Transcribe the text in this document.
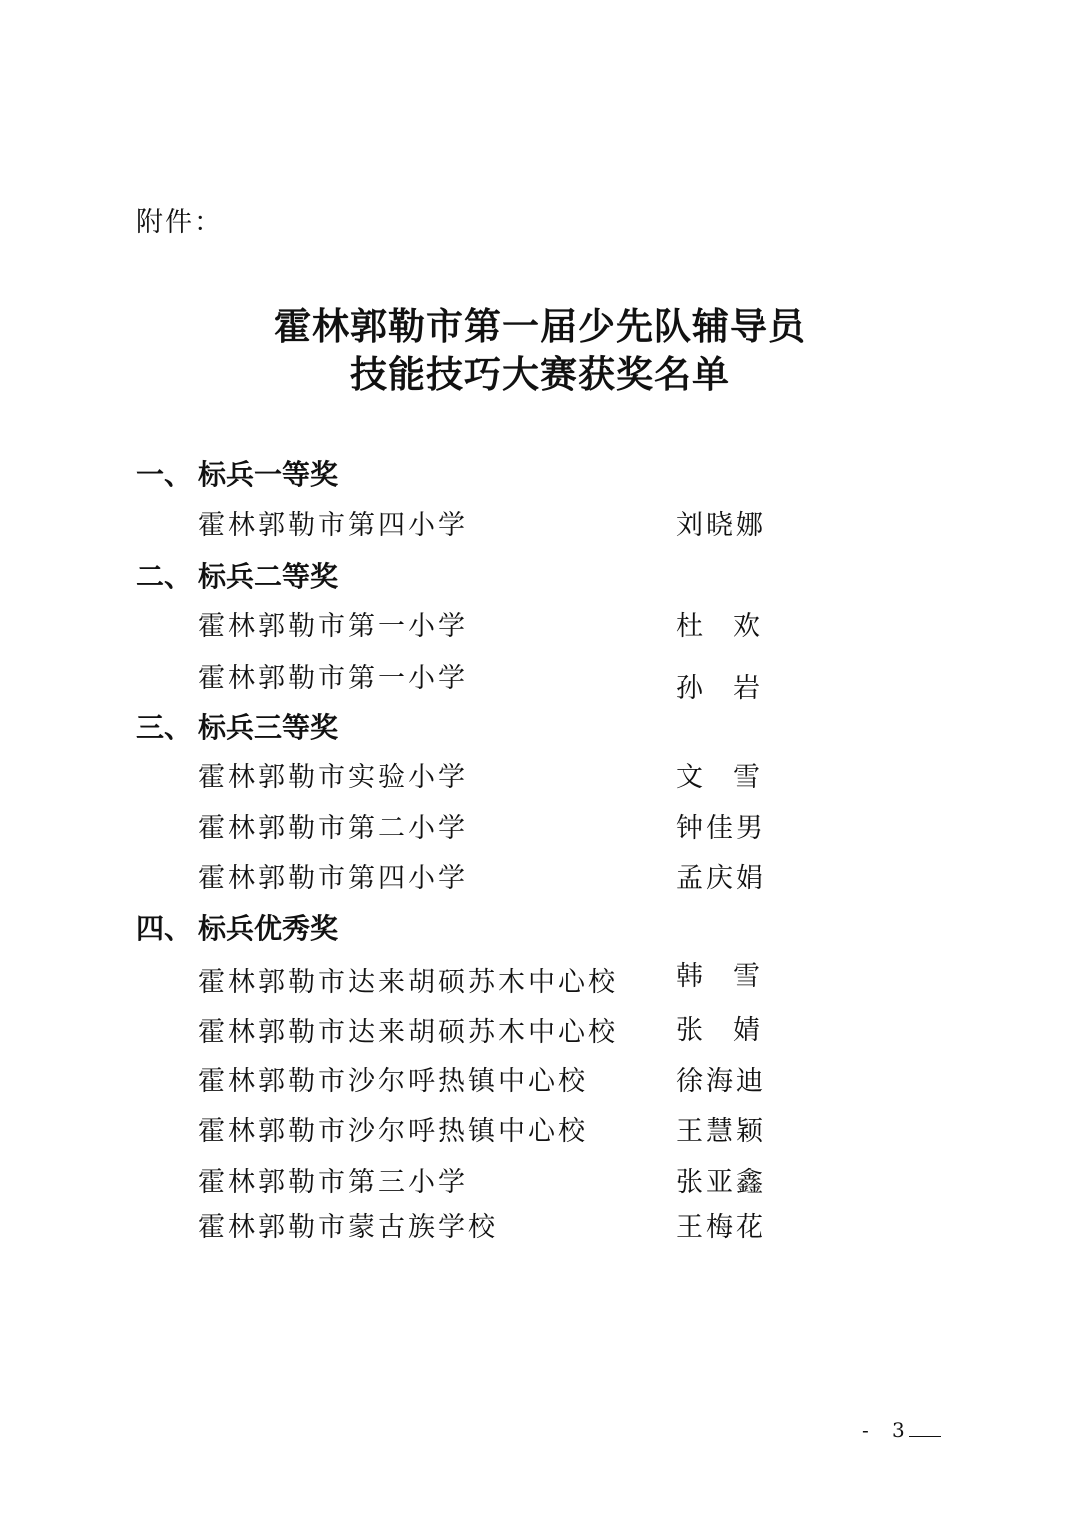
附件：
霍林郭勒市第一届少先队辅导员
技能技巧大赛获奖名单
一、 标兵一等奖
霍林郭勒市第四小学	刘晓娜
二、 标兵二等奖
霍林郭勒市第一小学	杜欢
霍林郭勒市第一小学	孙岩
三、 标兵三等奖
霍林郭勒市实验小学	文雪
霍林郭勒市第二小学	钟佳男
霍林郭勒市第四小学	孟庆娟
四、 标兵优秀奖
霍林郭勒市达来胡硕苏木中心校 韩雪
霍林郭勒市达来胡硕苏木中心校 张婧
霍林郭勒市沙尔呼热镇中心校	徐海迪
霍林郭勒市沙尔呼热镇中心校	王慧颖
霍林郭勒市第三小学	张亚鑫
霍林郭勒市蒙古族学校	王梅花
- 3
